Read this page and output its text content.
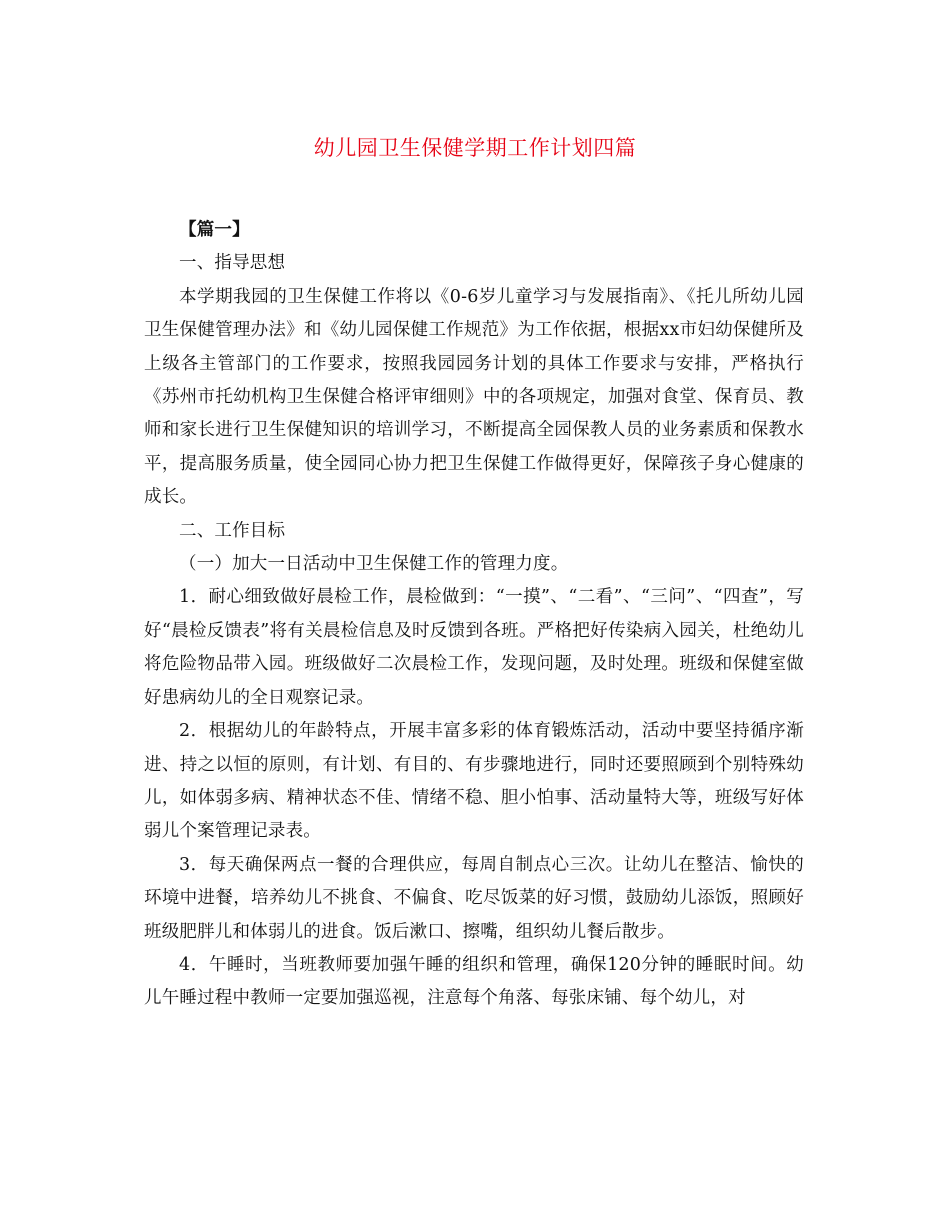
幼儿园卫生保健学期工作计划四篇

【篇一】

一、指导思想

本学期我园的卫生保健工作将以《0-6岁儿童学习与发展指南》、《托儿所幼儿园卫生保健管理办法》和《幼儿园保健工作规范》为工作依据，根据xx市妇幼保健所及上级各主管部门的工作要求，按照我园园务计划的具体工作要求与安排，严格执行《苏州市托幼机构卫生保健合格评审细则》中的各项规定，加强对食堂、保育员、教师和家长进行卫生保健知识的培训学习，不断提高全园保教人员的业务素质和保教水平，提高服务质量，使全园同心协力把卫生保健工作做得更好，保障孩子身心健康的成长。

二、工作目标

（一）加大一日活动中卫生保健工作的管理力度。

1．耐心细致做好晨检工作，晨检做到：“一摸”、“二看”、“三问”、“四查”，写好“晨检反馈表”将有关晨检信息及时反馈到各班。严格把好传染病入园关，杜绝幼儿将危险物品带入园。班级做好二次晨检工作，发现问题，及时处理。班级和保健室做好患病幼儿的全日观察记录。

2．根据幼儿的年龄特点，开展丰富多彩的体育锻炼活动，活动中要坚持循序渐进、持之以恒的原则，有计划、有目的、有步骤地进行，同时还要照顾到个别特殊幼儿，如体弱多病、精神状态不佳、情绪不稳、胆小怕事、活动量特大等，班级写好体弱儿个案管理记录表。

3．每天确保两点一餐的合理供应，每周自制点心三次。让幼儿在整洁、愉快的环境中进餐，培养幼儿不挑食、不偏食、吃尽饭菜的好习惯，鼓励幼儿添饭，照顾好班级肥胖儿和体弱儿的进食。饭后漱口、擦嘴，组织幼儿餐后散步。

4．午睡时，当班教师要加强午睡的组织和管理，确保120分钟的睡眠时间。幼儿午睡过程中教师一定要加强巡视，注意每个角落、每张床铺、每个幼儿，对
